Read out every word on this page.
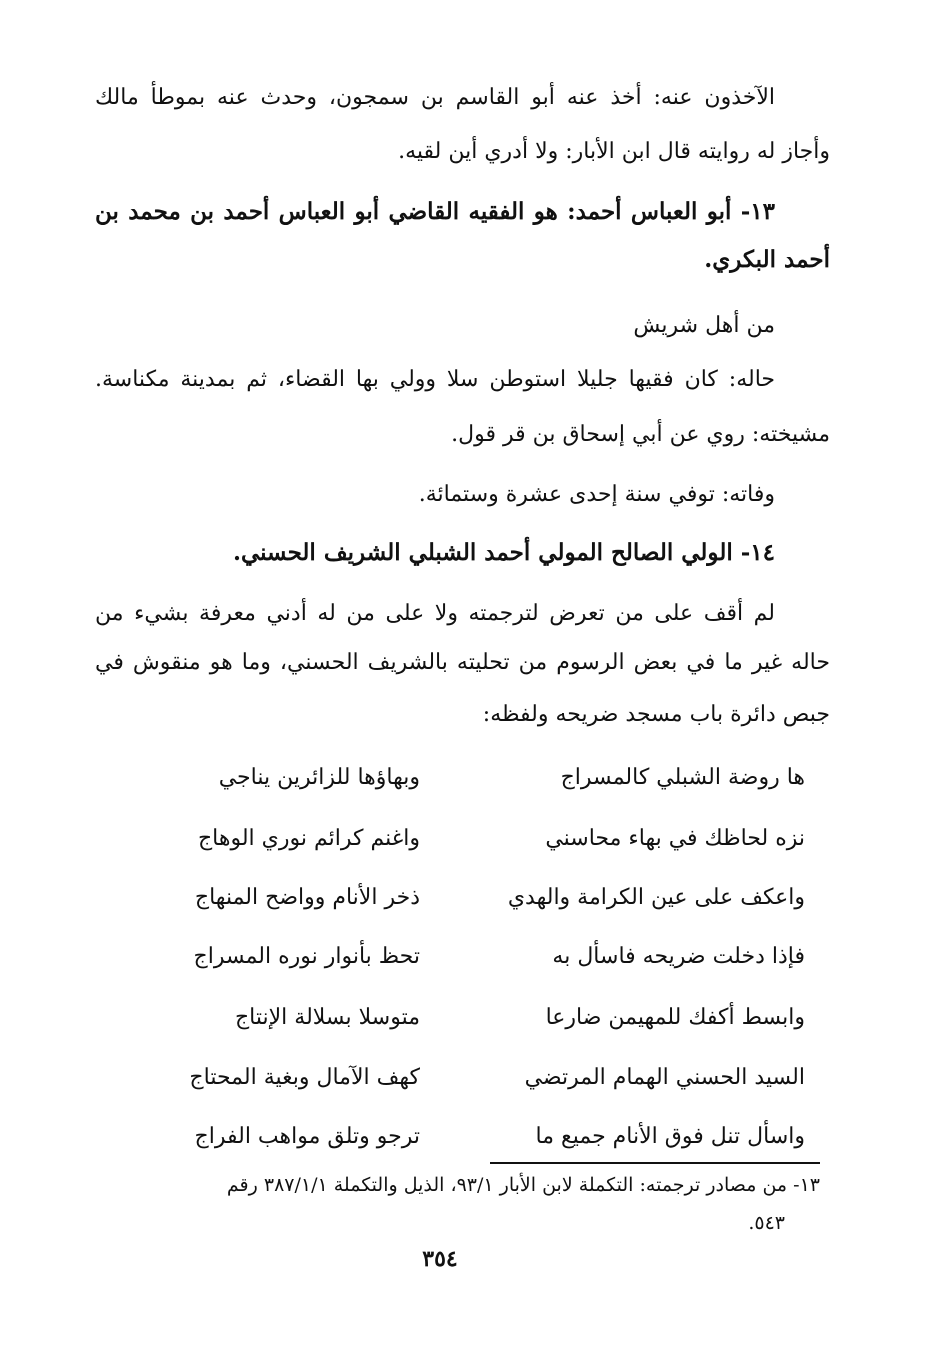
الآخذون عنه: أخذ عنه أبو القاسم بن سمجون، وحدث عنه بموطأ مالك
وأجاز له روايته قال ابن الأبار: ولا أدري أين لقيه.
١٣- أبو العباس أحمد: هو الفقيه القاضي أبو العباس أحمد بن محمد بن
أحمد البكري.
من أهل شريش
حاله: كان فقيها جليلا استوطن سلا وولي بها القضاء، ثم بمدينة مكناسة.
مشيخته: روي عن أبي إسحاق بن قر قول.
وفاته: توفي سنة إحدى عشرة وستمائة.
١٤- الولي الصالح المولي أحمد الشبلي الشريف الحسني.
لم أقف على من تعرض لترجمته ولا على من له أدني معرفة بشيء من
حاله غير ما في بعض الرسوم من تحليته بالشريف الحسني، وما هو منقوش في
جبص دائرة باب مسجد ضريحه ولفظه:
ها روضة الشبلي كالمسراج
وبهاؤها للزائرين يناجي
نزه لحاظك في بهاء محاسني
واغنم كرائم نوري الوهاج
واعكف على عين الكرامة والهدي
ذخر الأنام وواضح المنهاج
فإذا دخلت ضريحه فاسأل به
تحظ بأنوار نوره المسراج
وابسط أكفك للمهيمن ضارعا
متوسلا بسلالة الإنتاج
السيد الحسني الهمام المرتضي
كهف الآمال وبغية المحتاج
واسأل تنل فوق الأنام جميع ما
ترجو وتلق مواهب الفراج
١٣- من مصادر ترجمته: التكملة لابن الأبار ٩٣/١، الذيل والتكملة ٣٨٧/١/١ رقم
٥٤٣.
٣٥٤
